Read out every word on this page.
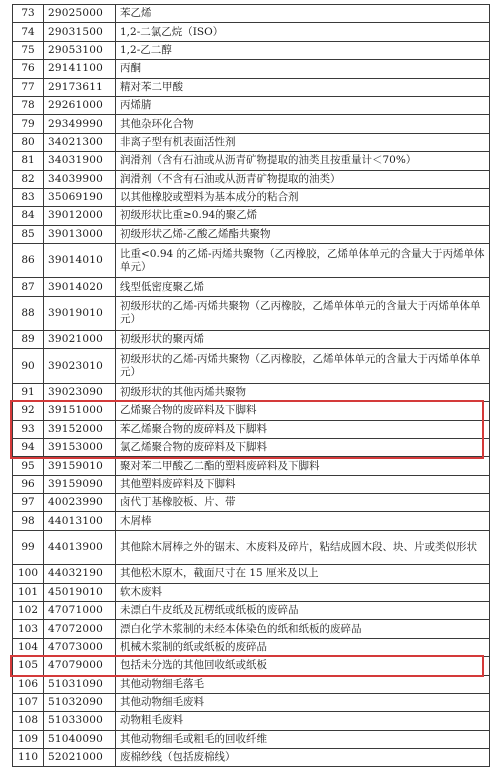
73	29025000	苯乙烯
74	29031500	1,2-二氯乙烷（ISO）
75	29053100	1,2-乙二醇
76	29141100	丙酮
77	29173611	精对苯二甲酸
78	29261000	丙烯腈
79	29349990	其他杂环化合物
80	34021300	非离子型有机表面活性剂
81	34031900	润滑剂（含有石油或从沥青矿物提取的油类且按重量计＜70%）
82	34039900	润滑剂（不含有石油或从沥青矿物提取的油类）
83	35069190	以其他橡胶或塑料为基本成分的粘合剂
84	39012000	初级形状比重≥0.94的聚乙烯
85	39013000	初级形状乙烯-乙酸乙烯酯共聚物
86	39014010	比重<0.94 的乙烯-丙烯共聚物（乙丙橡胶，乙烯单体单元的含量大于丙烯单体单元）
87	39014020	线型低密度聚乙烯
88	39019010	初级形状的乙烯-丙烯共聚物（乙丙橡胶，乙烯单体单元的含量大于丙烯单体单元）
89	39021000	初级形状的聚丙烯
90	39023010	初级形状的乙烯-丙烯共聚物（乙丙橡胶，乙烯单体单元的含量大于丙烯单体单元）
91	39023090	初级形状的其他丙烯共聚物
92	39151000	乙烯聚合物的废碎料及下脚料
93	39152000	苯乙烯聚合物的废碎料及下脚料
94	39153000	氯乙烯聚合物的废碎料及下脚料
95	39159010	聚对苯二甲酸乙二酯的塑料废碎料及下脚料
96	39159090	其他塑料废碎料及下脚料
97	40023990	卤代丁基橡胶板、片、带
98	44013100	木屑棒
99	44013900	其他除木屑棒之外的锯末、木废料及碎片，粘结成圆木段、块、片或类似形状
100	44032190	其他松木原木，截面尺寸在 15 厘米及以上
101	45019010	软木废料
102	47071000	未漂白牛皮纸及瓦楞纸或纸板的废碎品
103	47072000	漂白化学木浆制的未经本体染色的纸和纸板的废碎品
104	47073000	机械木浆制的纸或纸板的废碎品
105	47079000	包括未分选的其他回收纸或纸板
106	51031090	其他动物细毛落毛
107	51032090	其他动物细毛废料
108	51033000	动物粗毛废料
109	51040090	其他动物细毛或粗毛的回收纤维
110	52021000	废棉纱线（包括废棉线）
